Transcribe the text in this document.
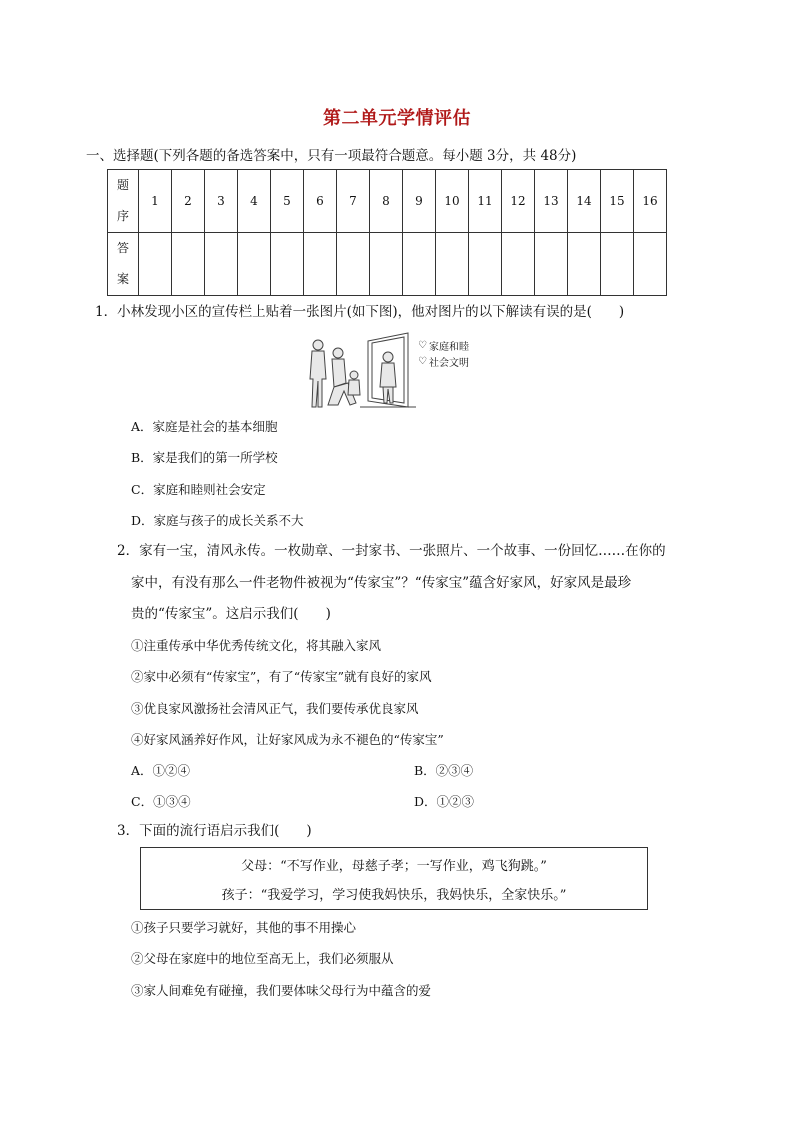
第二单元学情评估
一、选择题(下列各题的备选答案中，只有一项最符合题意。每小题 3分，共 48分)
题
序	1	2	3	4	5	6	7	8	9	10	11	12	13	14	15	16

答
案																

1．小林发现小区的宣传栏上贴着一张图片(如下图)，他对图片的以下解读有误的是(　　)
♡ 家庭和睦
♡ 社会文明
A．家庭是社会的基本细胞
B．家是我们的第一所学校
C．家庭和睦则社会安定
D．家庭与孩子的成长关系不大
2．家有一宝，清风永传。一枚勋章、一封家书、一张照片、一个故事、一份回忆……在你的
家中，有没有那么一件老物件被视为“传家宝”？“传家宝”蕴含好家风，好家风是最珍
贵的“传家宝”。这启示我们(　　)
①注重传承中华优秀传统文化，将其融入家风
②家中必须有“传家宝”，有了“传家宝”就有良好的家风
③优良家风激扬社会清风正气，我们要传承优良家风
④好家风涵养好作风，让好家风成为永不褪色的“传家宝”
A．①②④	B．②③④
C．①③④	D．①②③
3．下面的流行语启示我们(　　)
父母：“不写作业，母慈子孝；一写作业，鸡飞狗跳。”
孩子：“我爱学习，学习使我妈快乐，我妈快乐，全家快乐。”
①孩子只要学习就好，其他的事不用操心
②父母在家庭中的地位至高无上，我们必须服从
③家人间难免有碰撞，我们要体味父母行为中蕴含的爱
